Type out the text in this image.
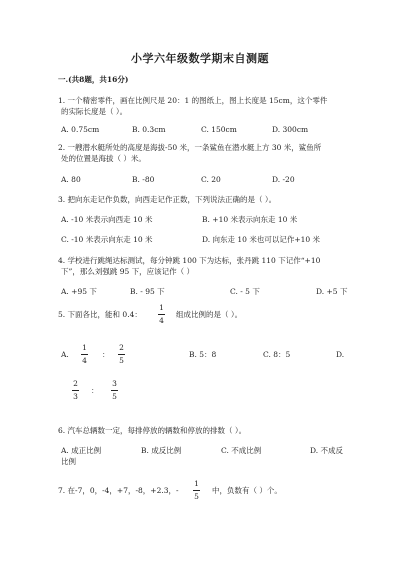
小学六年级数学期末自测题
一.(共8题，共16分)
1. 一个精密零件，画在比例尺是 20：1 的图纸上，图上长度是 15cm，这个零件
的实际长度是（ ）。
A. 0.75cm	B. 0.3cm	C. 150cm	D. 300cm
2. 一艘潜水艇所处的高度是海拔-50 米，一条鲨鱼在潜水艇上方 30 米，鲨鱼所
处的位置是海拔（ ）米。
A. 80	B. -80	C. 20	D. -20
3. 把向东走记作负数，向西走记作正数，下列说法正确的是（ ）。
A. -10 米表示向西走 10 米	B. +10 米表示向东走 10 米
C. -10 米表示向东走 10 米	D. 向东走 10 米也可以记作+10 米
4. 学校进行跳绳达标测试，每分钟跳 100 下为达标，张丹跳 110 下记作“+10
下”，那么刘强跳 95 下，应该记作（ ）
A. +95 下	B. - 95 下	C. - 5 下	D. +5 下
5. 下面各比，能和 0.4：
1
4
组成比例的是（ ）。
A.
1
4
：
2
5
B. 5：8	C. 8：5	D.
2
3
：
3
5
6. 汽车总辆数一定，每排停放的辆数和停放的排数（ ）。
A. 成正比例	B. 成反比例	C. 不成比例	D. 不成反
比例
7. 在-7，0，-4，+7，-8，+2.3，-
1
5
中，负数有（ ）个。
